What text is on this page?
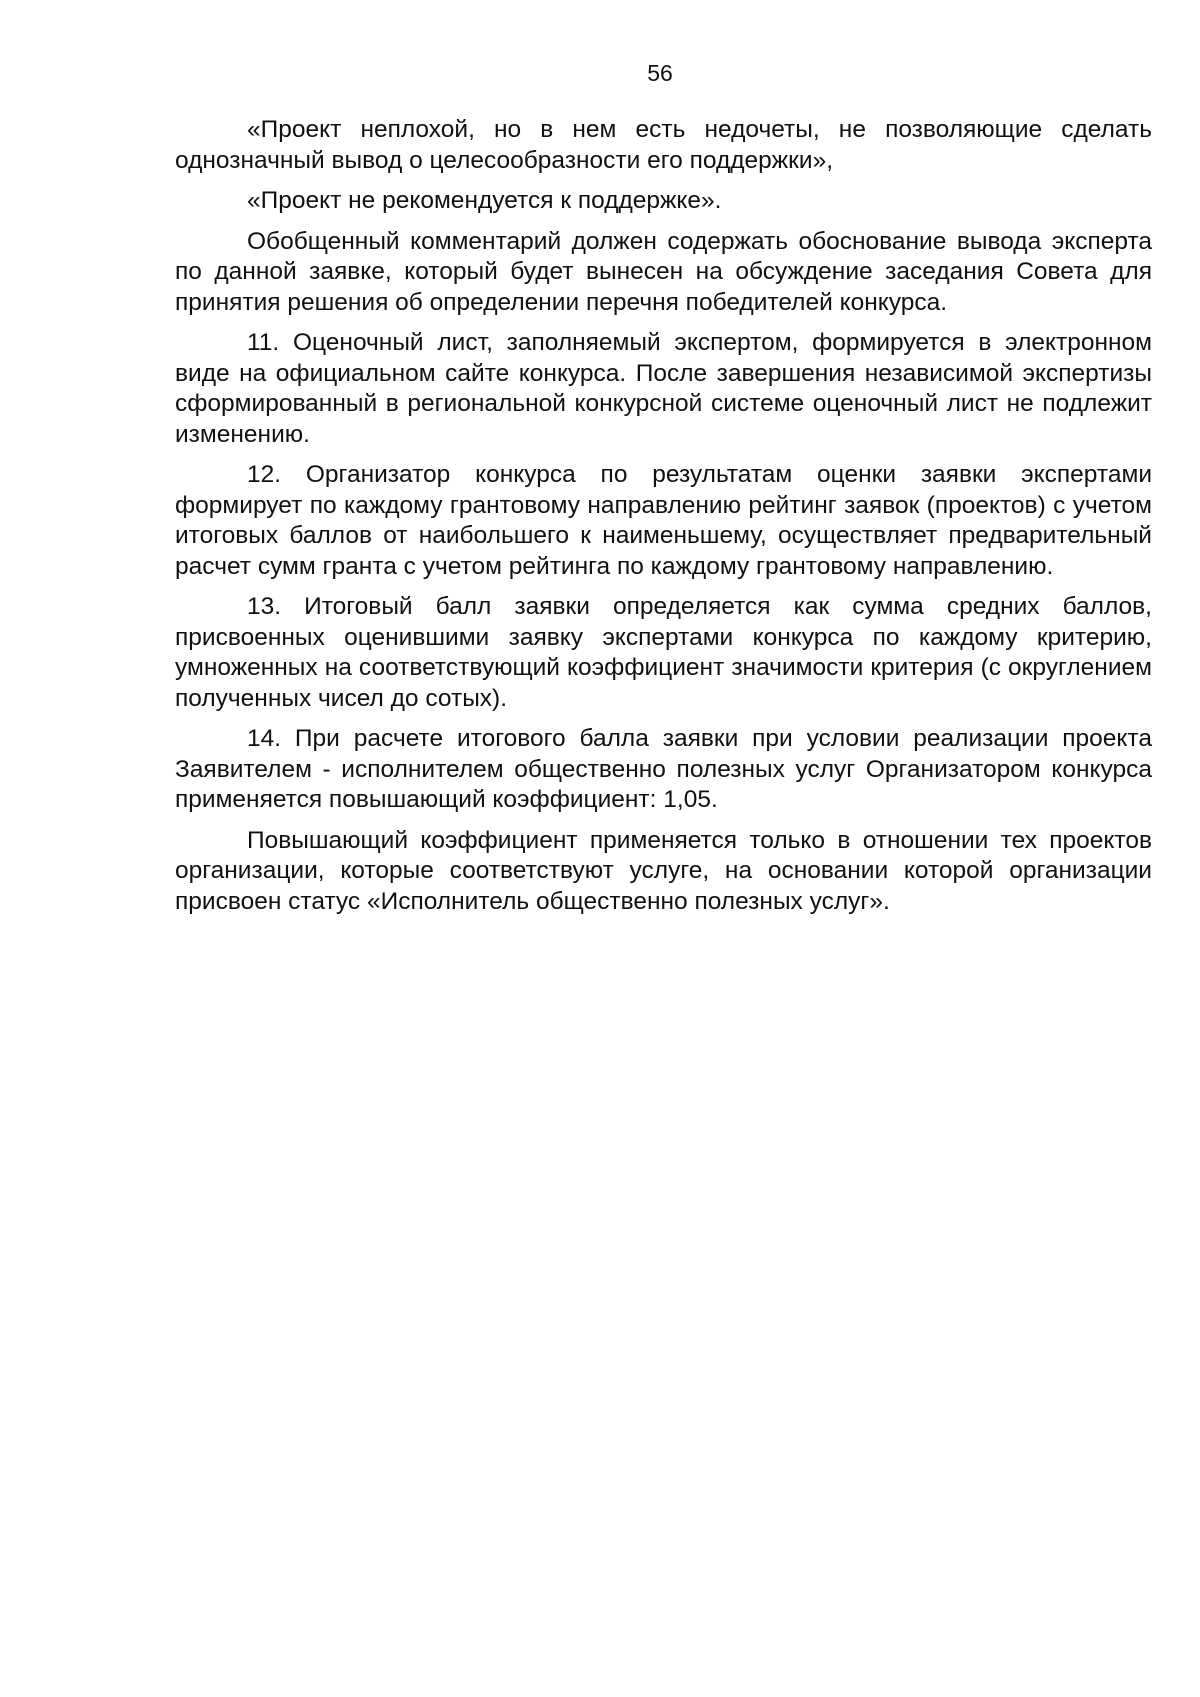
56

«Проект неплохой, но в нем есть недочеты, не позволяющие сделать однозначный вывод о целесообразности его поддержки»,

«Проект не рекомендуется к поддержке».

Обобщенный комментарий должен содержать обоснование вывода эксперта по данной заявке, который будет вынесен на обсуждение заседания Совета для принятия решения об определении перечня победителей конкурса.

11. Оценочный лист, заполняемый экспертом, формируется в электронном виде на официальном сайте конкурса. После завершения независимой экспертизы сформированный в региональной конкурсной системе оценочный лист не подлежит изменению.

12. Организатор конкурса по результатам оценки заявки экспертами формирует по каждому грантовому направлению рейтинг заявок (проектов) с учетом итоговых баллов от наибольшего к наименьшему, осуществляет предварительный расчет сумм гранта с учетом рейтинга по каждому грантовому направлению.

13. Итоговый балл заявки определяется как сумма средних баллов, присвоенных оценившими заявку экспертами конкурса по каждому критерию, умноженных на соответствующий коэффициент значимости критерия (с округлением полученных чисел до сотых).

14. При расчете итогового балла заявки при условии реализации проекта Заявителем - исполнителем общественно полезных услуг Организатором конкурса применяется повышающий коэффициент: 1,05.

Повышающий коэффициент применяется только в отношении тех проектов организации, которые соответствуют услуге, на основании которой организации присвоен статус «Исполнитель общественно полезных услуг».
